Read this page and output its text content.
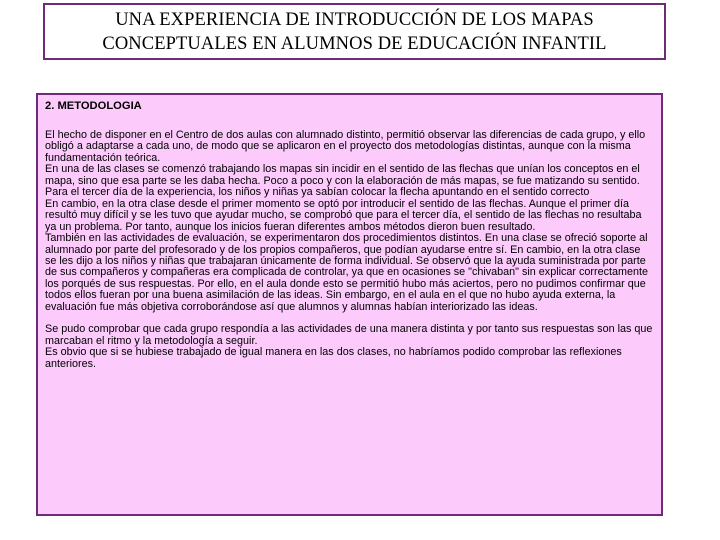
UNA EXPERIENCIA DE INTRODUCCIÓN DE LOS MAPAS
CONCEPTUALES EN ALUMNOS DE EDUCACIÓN INFANTIL
2. METODOLOGIA

El hecho de disponer en el Centro de dos aulas con alumnado distinto, permitió observar las diferencias de cada grupo, y ello obligó a adaptarse a cada uno, de modo que se aplicaron en el proyecto dos metodologías distintas, aunque con la misma fundamentación teórica.

En una de las clases se comenzó trabajando los mapas sin incidir en el sentido de las flechas que unían los conceptos en el mapa, sino que esa parte se les daba hecha. Poco a poco y con la elaboración de más mapas, se fue matizando su sentido. Para el tercer día de la experiencia, los niños y niñas ya sabían colocar la flecha apuntando en el sentido correcto

En cambio, en la otra clase desde el primer momento se optó por introducir el sentido de las flechas. Aunque el primer día resultó muy difícil y se les tuvo que ayudar mucho, se comprobó que para el tercer día, el sentido de las flechas no resultaba ya un problema. Por tanto, aunque los inicios fueran diferentes ambos métodos dieron buen resultado.

También en las actividades de evaluación, se experimentaron dos procedimientos distintos. En una clase se ofreció soporte al alumnado por parte del profesorado y de los propios compañeros, que podían ayudarse entre sí. En cambio, en la otra clase se les dijo a los niños y niñas que trabajaran únicamente de forma individual. Se observó que la ayuda suministrada por parte de sus compañeros y compañeras era complicada de controlar, ya que en ocasiones se "chivaban" sin explicar correctamente los porqués de sus respuestas. Por ello, en el aula donde esto se permitió hubo más aciertos, pero no pudimos confirmar que todos ellos fueran por una buena asimilación de las ideas. Sin embargo, en el aula en el que no hubo ayuda externa, la evaluación fue más objetiva corroborándose así que alumnos y alumnas habían interiorizado las ideas.

Se pudo comprobar que cada grupo respondía a las actividades de una manera distinta y por tanto sus respuestas son las que marcaban el ritmo y la metodología a seguir.

Es obvio que si se hubiese trabajado de igual manera en las dos clases, no habríamos podido comprobar las reflexiones anteriores.
